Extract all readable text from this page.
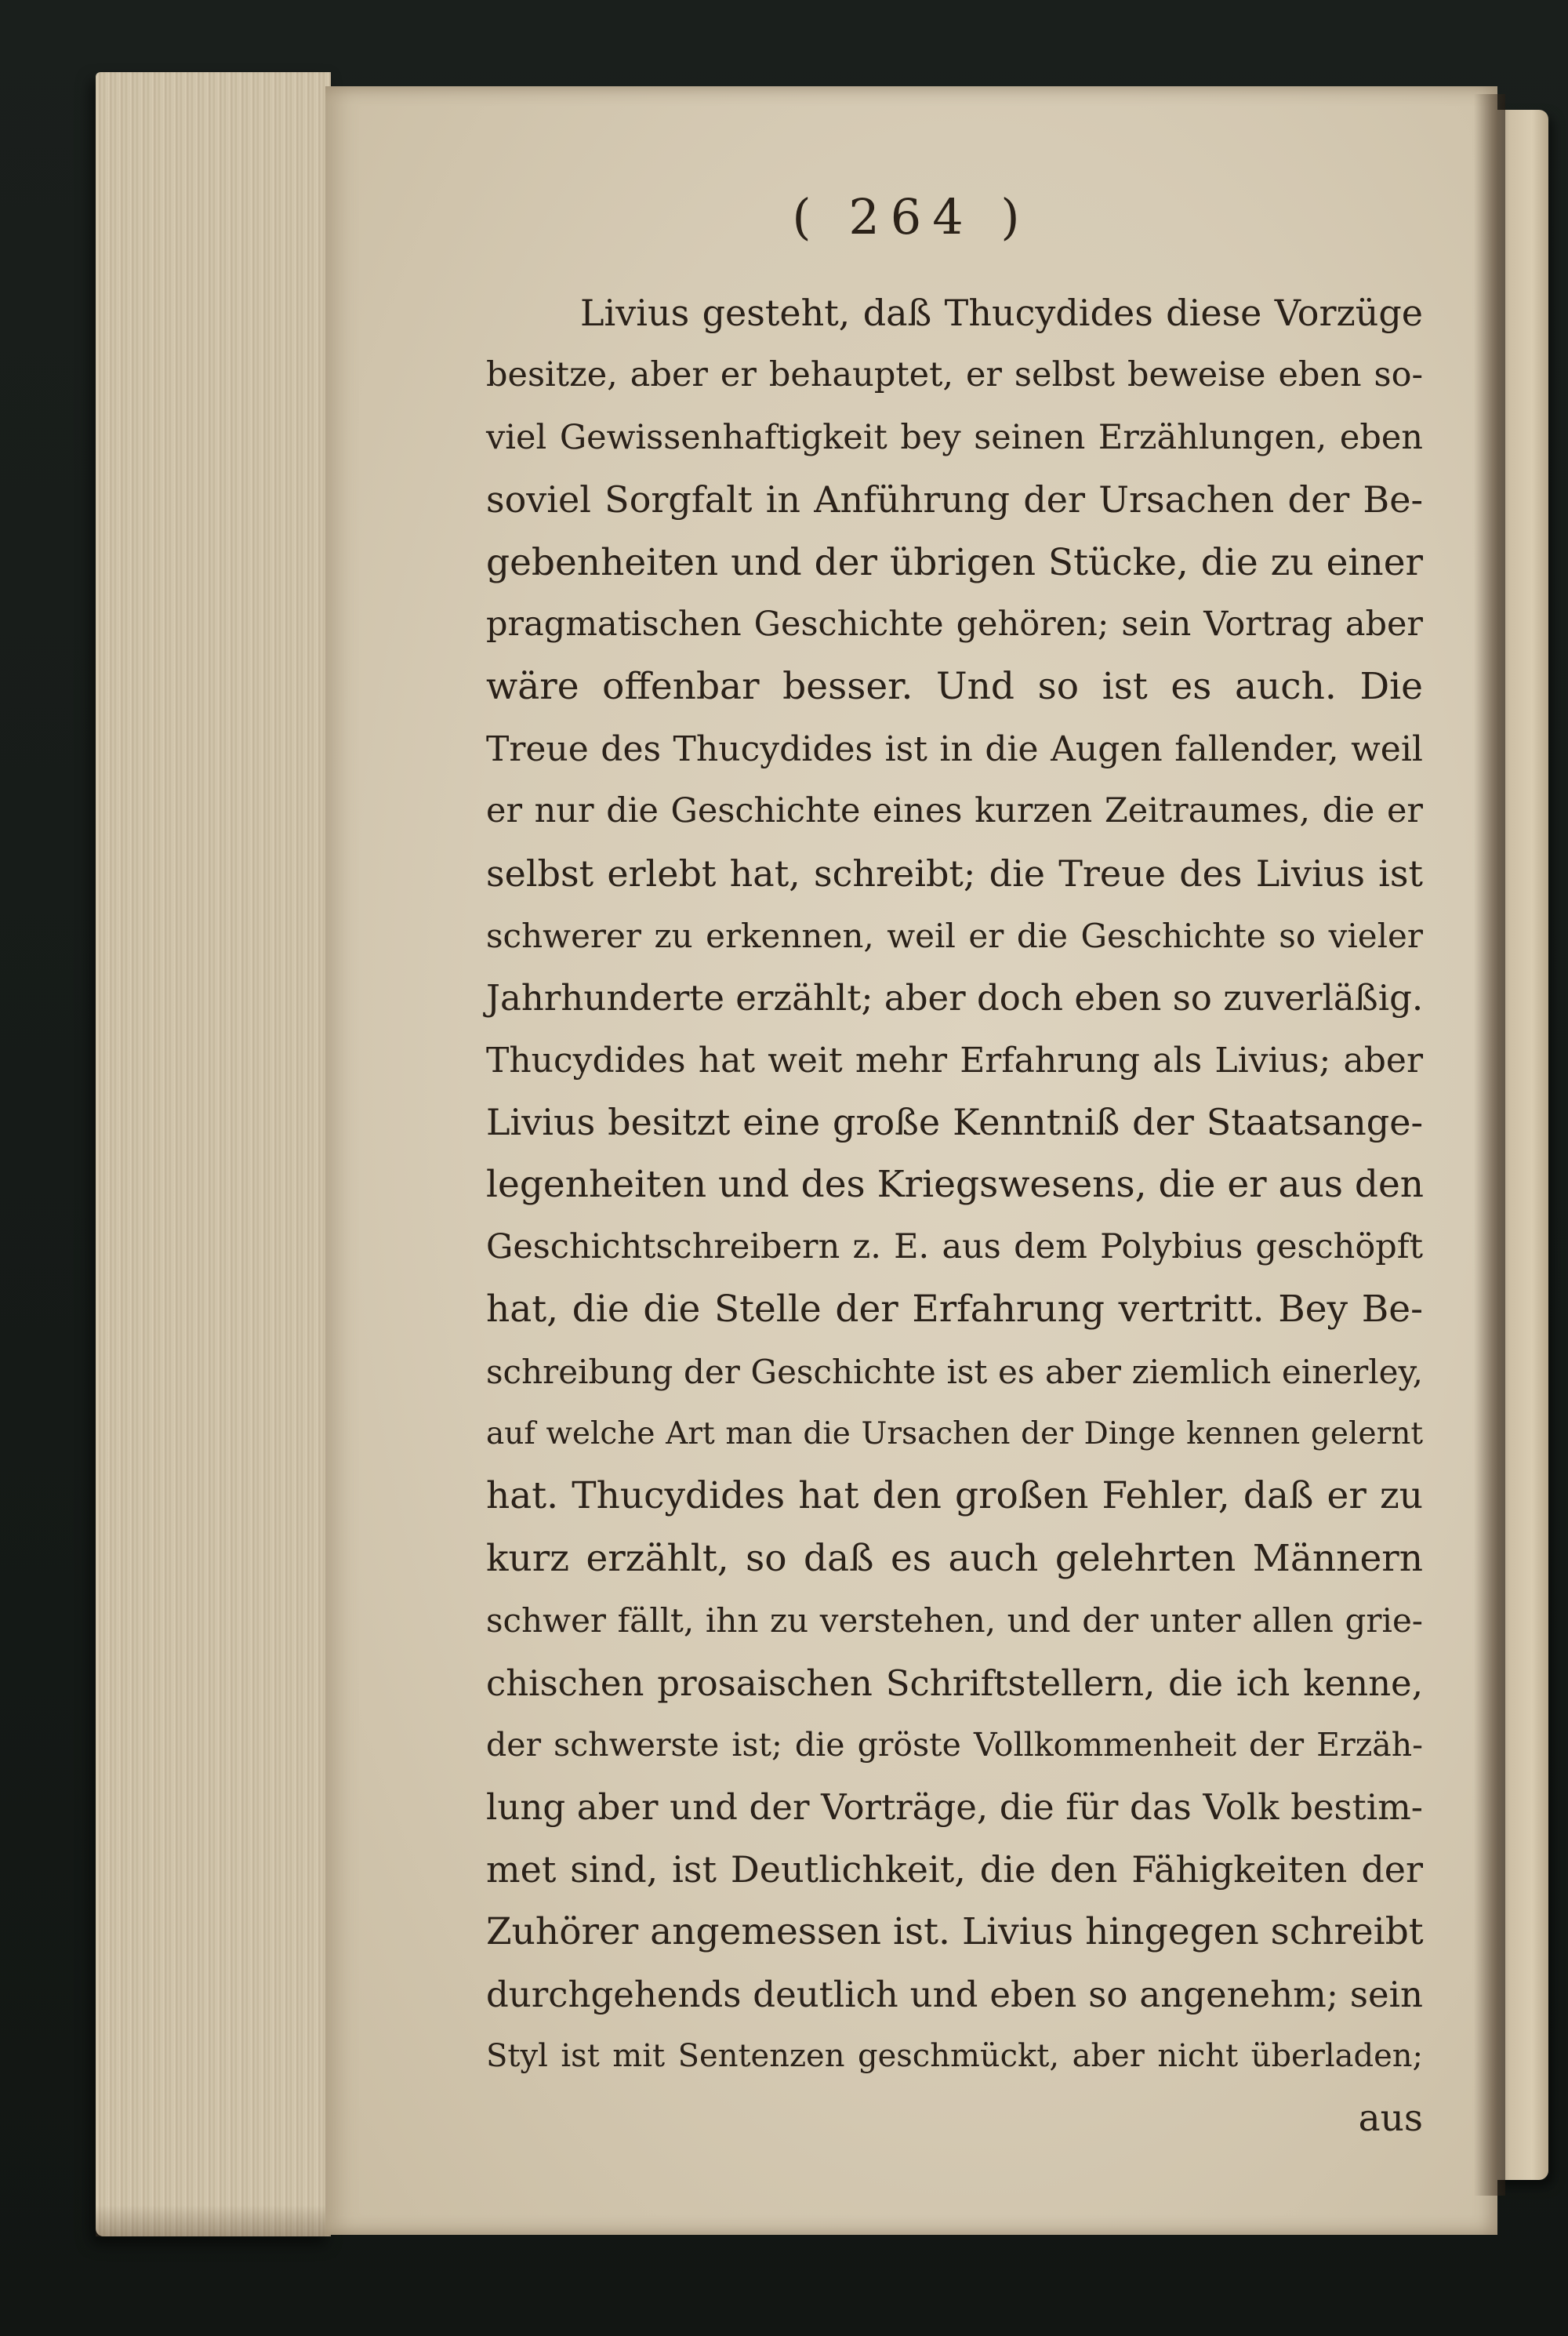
( 264 )
Livius gesteht, daß Thucydides diese Vorzüge
besitze, aber er behauptet, er selbst beweise eben so-
viel Gewissenhaftigkeit bey seinen Erzählungen, eben
soviel Sorgfalt in Anführung der Ursachen der Be-
gebenheiten und der übrigen Stücke, die zu einer
pragmatischen Geschichte gehören; sein Vortrag aber
wäre offenbar besser. Und so ist es auch. Die
Treue des Thucydides ist in die Augen fallender, weil
er nur die Geschichte eines kurzen Zeitraumes, die er
selbst erlebt hat, schreibt; die Treue des Livius ist
schwerer zu erkennen, weil er die Geschichte so vieler
Jahrhunderte erzählt; aber doch eben so zuverläßig.
Thucydides hat weit mehr Erfahrung als Livius; aber
Livius besitzt eine große Kenntniß der Staatsange-
legenheiten und des Kriegswesens, die er aus den
Geschichtschreibern z. E. aus dem Polybius geschöpft
hat, die die Stelle der Erfahrung vertritt. Bey Be-
schreibung der Geschichte ist es aber ziemlich einerley,
auf welche Art man die Ursachen der Dinge kennen gelernt
hat. Thucydides hat den großen Fehler, daß er zu
kurz erzählt, so daß es auch gelehrten Männern
schwer fällt, ihn zu verstehen, und der unter allen grie-
chischen prosaischen Schriftstellern, die ich kenne,
der schwerste ist; die gröste Vollkommenheit der Erzäh-
lung aber und der Vorträge, die für das Volk bestim-
met sind, ist Deutlichkeit, die den Fähigkeiten der
Zuhörer angemessen ist. Livius hingegen schreibt
durchgehends deutlich und eben so angenehm; sein
Styl ist mit Sentenzen geschmückt, aber nicht überladen;
aus
